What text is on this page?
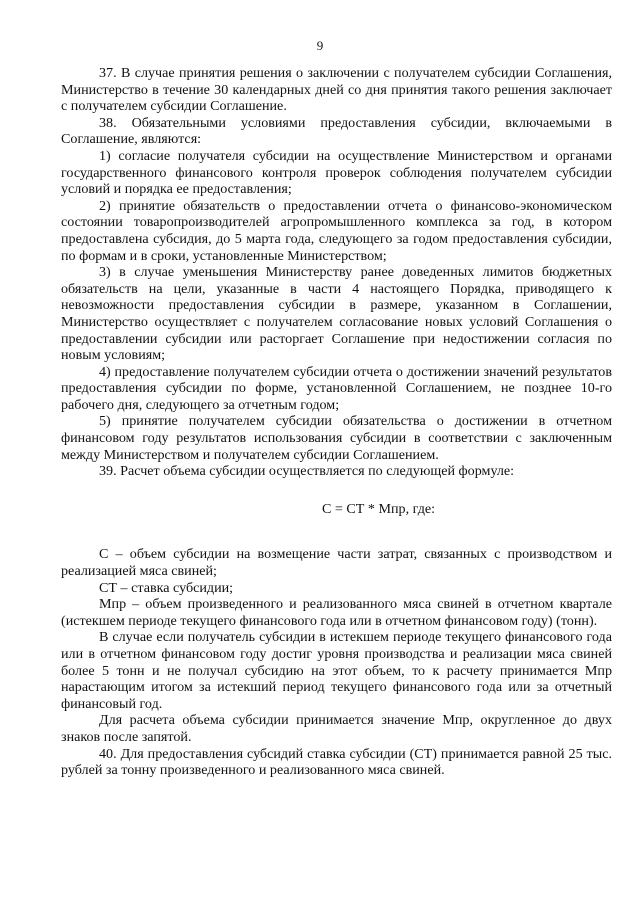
9

37. В случае принятия решения о заключении с получателем субсидии Соглашения, Министерство в течение 30 календарных дней со дня принятия такого решения заключает с получателем субсидии Соглашение.

38. Обязательными условиями предоставления субсидии, включаемыми в Соглашение, являются:

1) согласие получателя субсидии на осуществление Министерством и органами государственного финансового контроля проверок соблюдения получателем субсидии условий и порядка ее предоставления;

2) принятие обязательств о предоставлении отчета о финансово-экономическом состоянии товаропроизводителей агропромышленного комплекса за год, в котором предоставлена субсидия, до 5 марта года, следующего за годом предоставления субсидии, по формам и в сроки, установленные Министерством;

3) в случае уменьшения Министерству ранее доведенных лимитов бюджетных обязательств на цели, указанные в части 4 настоящего Порядка, приводящего к невозможности предоставления субсидии в размере, указанном в Соглашении, Министерство осуществляет с получателем согласование новых условий Соглашения о предоставлении субсидии или расторгает Соглашение при недостижении согласия по новым условиям;

4) предоставление получателем субсидии отчета о достижении значений результатов предоставления субсидии по форме, установленной Соглашением, не позднее 10-го рабочего дня, следующего за отчетным годом;

5) принятие получателем субсидии обязательства о достижении в отчетном финансовом году результатов использования субсидии в соответствии с заключенным между Министерством и получателем субсидии Соглашением.

39. Расчет объема субсидии осуществляется по следующей формуле:

С = СТ * Мпр, где:

С – объем субсидии на возмещение части затрат, связанных с производством и реализацией мяса свиней;

СТ – ставка субсидии;

Мпр – объем произведенного и реализованного мяса свиней в отчетном квартале (истекшем периоде текущего финансового года или в отчетном финансовом году) (тонн).

В случае если получатель субсидии в истекшем периоде текущего финансового года или в отчетном финансовом году достиг уровня производства и реализации мяса свиней более 5 тонн и не получал субсидию на этот объем, то к расчету принимается Мпр нарастающим итогом за истекший период текущего финансового года или за отчетный финансовый год.

Для расчета объема субсидии принимается значение Мпр, округленное до двух знаков после запятой.

40. Для предоставления субсидий ставка субсидии (СТ) принимается равной 25 тыс. рублей за тонну произведенного и реализованного мяса свиней.
